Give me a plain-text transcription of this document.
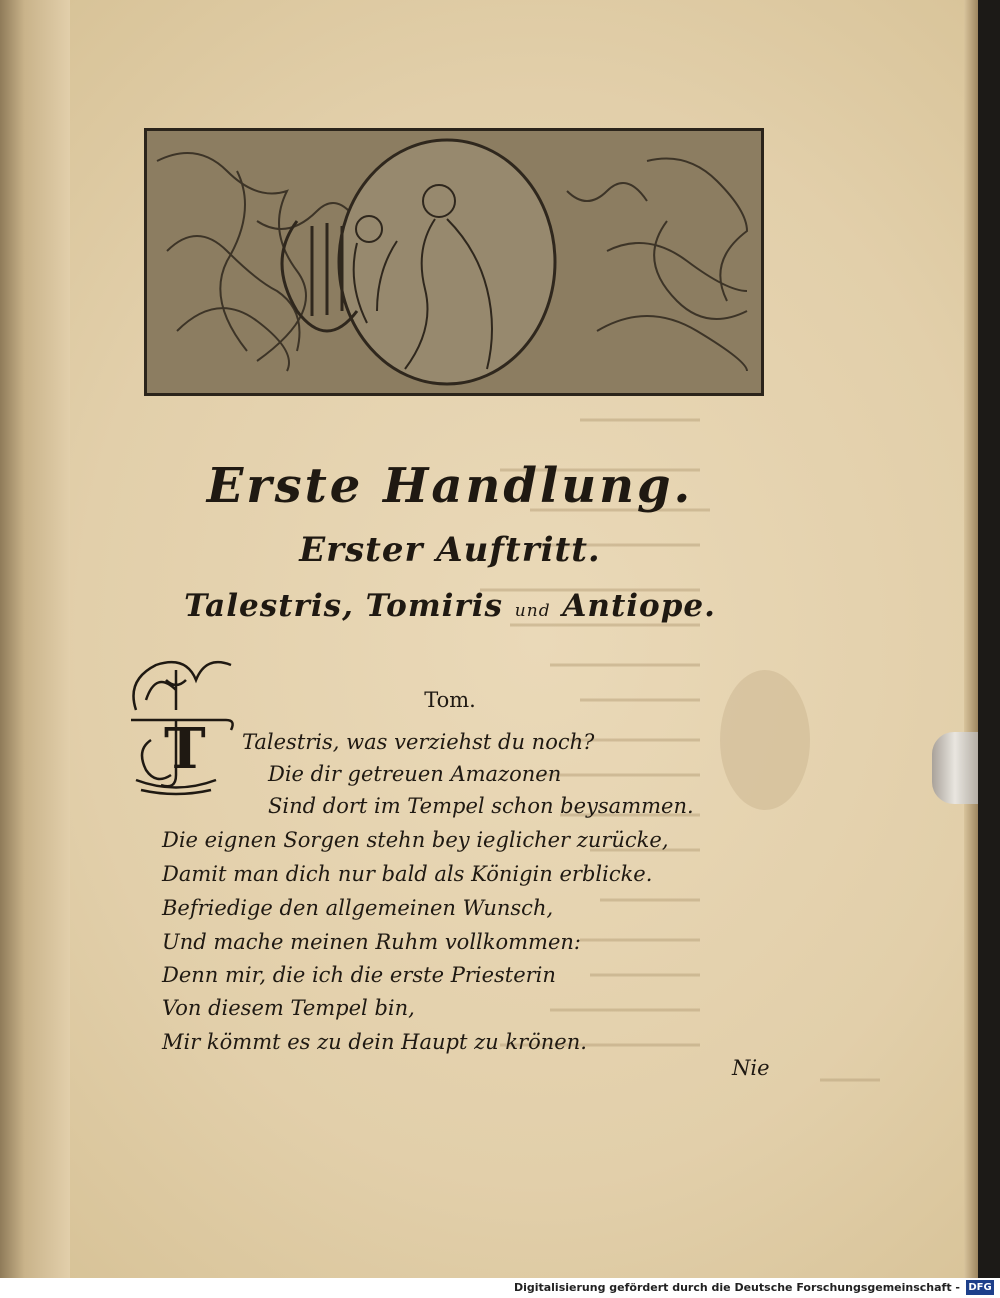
Erste Handlung.
Erster Auftritt.
Talestris, Tomiris und Antiope.
T
Tom.
Talestris, was verziehst du noch?
Die dir getreuen Amazonen
Sind dort im Tempel schon beysammen.
Die eignen Sorgen stehn bey ieglicher zurücke,
Damit man dich nur bald als Königin erblicke.
Befriedige den allgemeinen Wunsch,
Und mache meinen Ruhm vollkommen:
Denn mir, die ich die erste Priesterin
Von diesem Tempel bin,
Mir kömmt es zu dein Haupt zu krönen.
Nie
Digitalisierung gefördert durch die Deutsche Forschungsgemeinschaft - DFG
